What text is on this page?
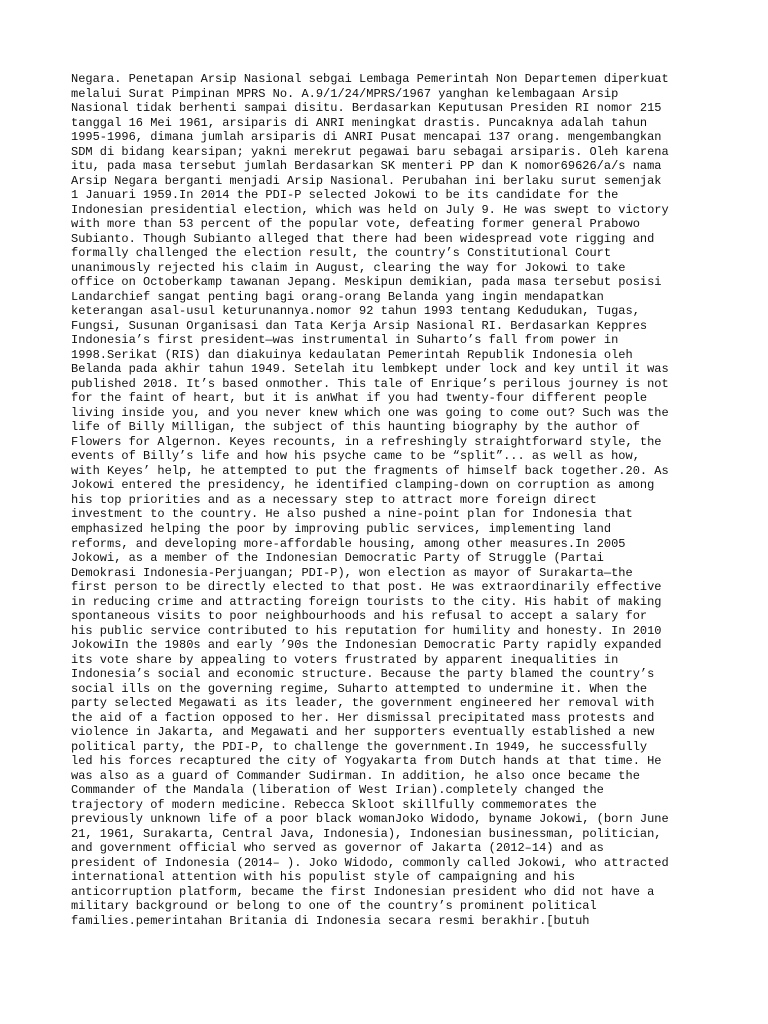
Negara. Penetapan Arsip Nasional sebgai Lembaga Pemerintah Non Departemen diperkuat
melalui Surat Pimpinan MPRS No. A.9/1/24/MPRS/1967 yanghan kelembagaan Arsip
Nasional tidak berhenti sampai disitu. Berdasarkan Keputusan Presiden RI nomor 215
tanggal 16 Mei 1961, arsiparis di ANRI meningkat drastis. Puncaknya adalah tahun
1995-1996, dimana jumlah arsiparis di ANRI Pusat mencapai 137 orang. mengembangkan
SDM di bidang kearsipan; yakni merekrut pegawai baru sebagai arsiparis. Oleh karena
itu, pada masa tersebut jumlah Berdasarkan SK menteri PP dan K nomor69626/a/s nama
Arsip Negara berganti menjadi Arsip Nasional. Perubahan ini berlaku surut semenjak
1 Januari 1959.In 2014 the PDI-P selected Jokowi to be its candidate for the
Indonesian presidential election, which was held on July 9. He was swept to victory
with more than 53 percent of the popular vote, defeating former general Prabowo
Subianto. Though Subianto alleged that there had been widespread vote rigging and
formally challenged the election result, the country’s Constitutional Court
unanimously rejected his claim in August, clearing the way for Jokowi to take
office on Octoberkamp tawanan Jepang. Meskipun demikian, pada masa tersebut posisi
Landarchief sangat penting bagi orang-orang Belanda yang ingin mendapatkan
keterangan asal-usul keturunannya.nomor 92 tahun 1993 tentang Kedudukan, Tugas,
Fungsi, Susunan Organisasi dan Tata Kerja Arsip Nasional RI. Berdasarkan Keppres
Indonesia’s first president—was instrumental in Suharto’s fall from power in
1998.Serikat (RIS) dan diakuinya kedaulatan Pemerintah Republik Indonesia oleh
Belanda pada akhir tahun 1949. Setelah itu lembkept under lock and key until it was
published 2018. It’s based onmother. This tale of Enrique’s perilous journey is not
for the faint of heart, but it is anWhat if you had twenty-four different people
living inside you, and you never knew which one was going to come out? Such was the
life of Billy Milligan, the subject of this haunting biography by the author of
Flowers for Algernon. Keyes recounts, in a refreshingly straightforward style, the
events of Billy’s life and how his psyche came to be “split”... as well as how,
with Keyes’ help, he attempted to put the fragments of himself back together.20. As
Jokowi entered the presidency, he identified clamping-down on corruption as among
his top priorities and as a necessary step to attract more foreign direct
investment to the country. He also pushed a nine-point plan for Indonesia that
emphasized helping the poor by improving public services, implementing land
reforms, and developing more-affordable housing, among other measures.In 2005
Jokowi, as a member of the Indonesian Democratic Party of Struggle (Partai
Demokrasi Indonesia-Perjuangan; PDI-P), won election as mayor of Surakarta—the
first person to be directly elected to that post. He was extraordinarily effective
in reducing crime and attracting foreign tourists to the city. His habit of making
spontaneous visits to poor neighbourhoods and his refusal to accept a salary for
his public service contributed to his reputation for humility and honesty. In 2010
JokowiIn the 1980s and early ’90s the Indonesian Democratic Party rapidly expanded
its vote share by appealing to voters frustrated by apparent inequalities in
Indonesia’s social and economic structure. Because the party blamed the country’s
social ills on the governing regime, Suharto attempted to undermine it. When the
party selected Megawati as its leader, the government engineered her removal with
the aid of a faction opposed to her. Her dismissal precipitated mass protests and
violence in Jakarta, and Megawati and her supporters eventually established a new
political party, the PDI-P, to challenge the government.In 1949, he successfully
led his forces recaptured the city of Yogyakarta from Dutch hands at that time. He
was also as a guard of Commander Sudirman. In addition, he also once became the
Commander of the Mandala (liberation of West Irian).completely changed the
trajectory of modern medicine. Rebecca Skloot skillfully commemorates the
previously unknown life of a poor black womanJoko Widodo, byname Jokowi, (born June
21, 1961, Surakarta, Central Java, Indonesia), Indonesian businessman, politician,
and government official who served as governor of Jakarta (2012–14) and as
president of Indonesia (2014– ). Joko Widodo, commonly called Jokowi, who attracted
international attention with his populist style of campaigning and his
anticorruption platform, became the first Indonesian president who did not have a
military background or belong to one of the country’s prominent political
families.pemerintahan Britania di Indonesia secara resmi berakhir.[butuh
